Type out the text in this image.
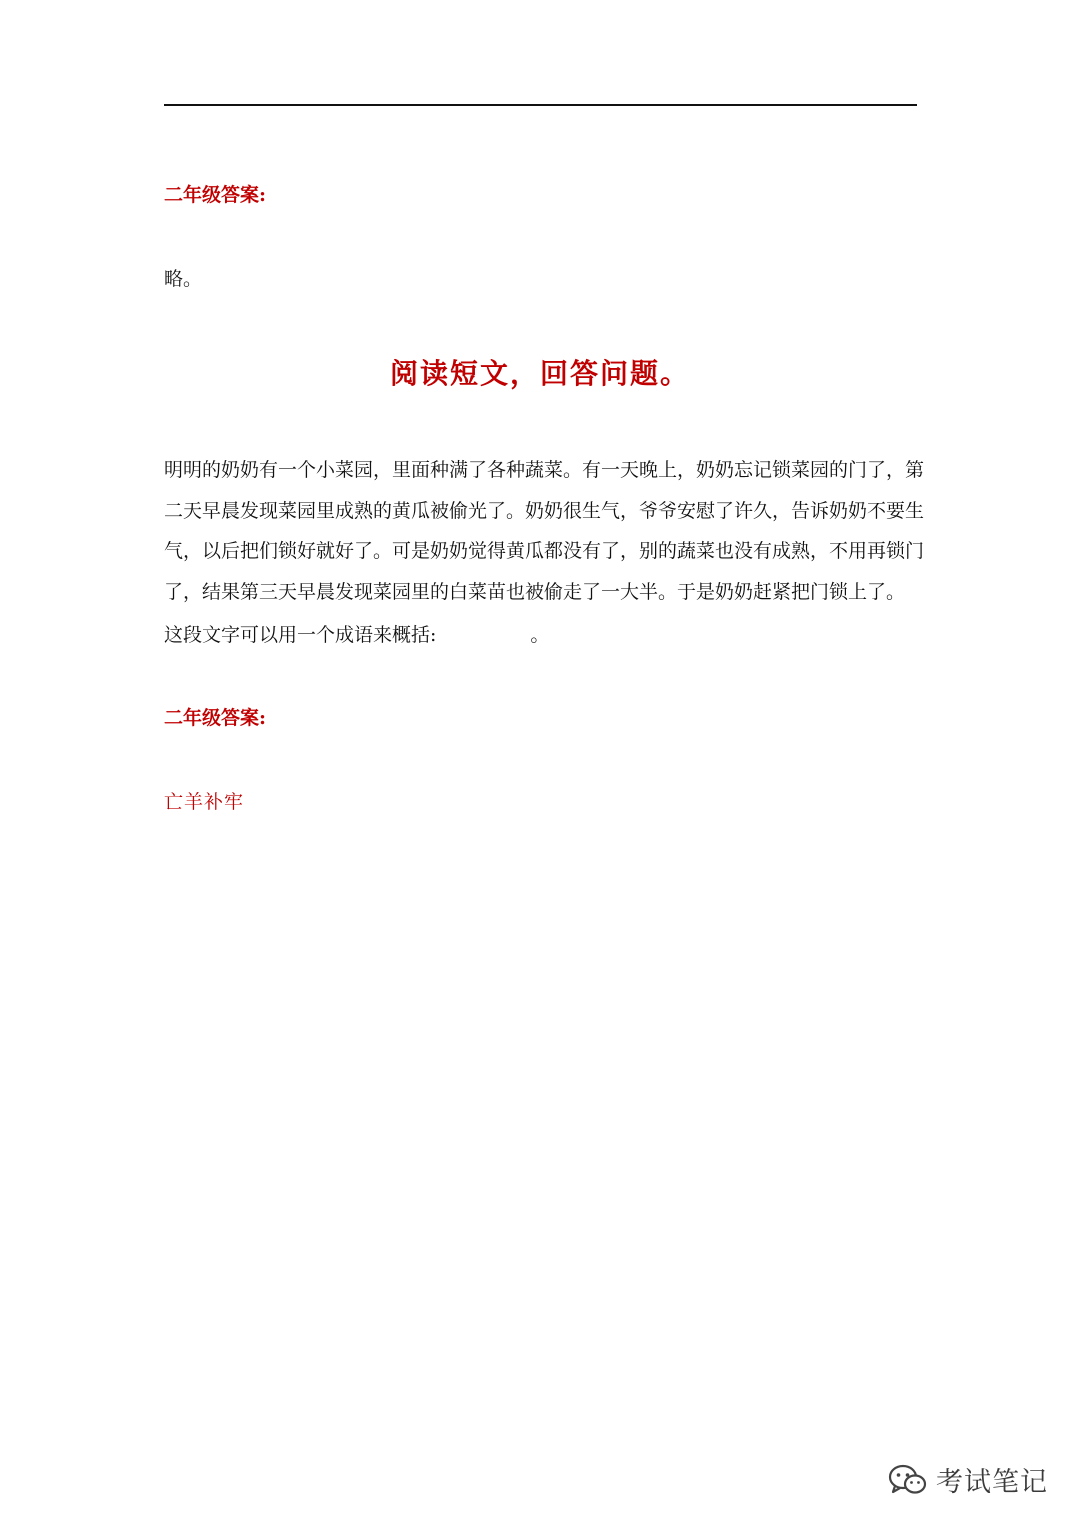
二年级答案:
略。
阅读短文，回答问题。

明明的奶奶有一个小菜园，里面种满了各种蔬菜。有一天晚上，奶奶忘记锁菜园的门了，第二天早晨发现菜园里成熟的黄瓜被偷光了。奶奶很生气，爷爷安慰了许久，告诉奶奶不要生气，以后把们锁好就好了。可是奶奶觉得黄瓜都没有了，别的蔬菜也没有成熟，不用再锁门了，结果第三天早晨发现菜园里的白菜苗也被偷走了一大半。于是奶奶赶紧把门锁上了。

这段文字可以用一个成语来概括:	。
二年级答案:
亡羊补牢
考试笔记
